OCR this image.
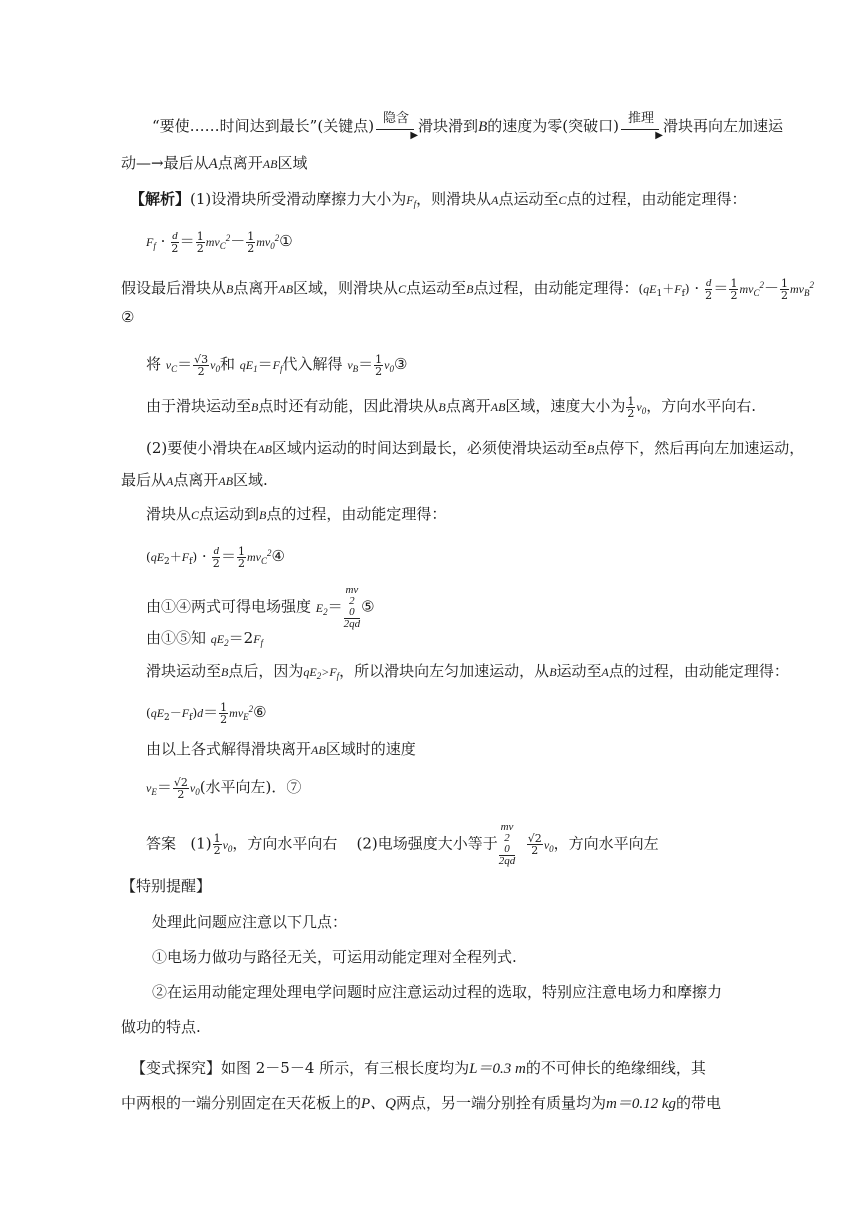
“要使……时间达到最长”(关键点) 隐含
▶
滑块滑到B的速度为零(突破口) 推理
▶
滑块再向左加速运
动—→最后从A点离开AB区域
【解析】(1)设滑块所受滑动摩擦力大小为$F_f$，则滑块从A点运动至C点的过程，由动能定理得：
$F_f \cdot \frac{d}{2} = \frac{1}{2} mv_C^2- \frac{1}{2}$ $mv_0^2①$
假设最后滑块从B点离开AB区域，则滑块从C点运动至B点过程，由动能定理得：$(qE_1+F_f) \cdot \frac{d}{2} = \frac{1}{2} mv_C^2- \frac{1}{2} mv_B^2$
②
将 $v_C= \frac{√3}{2} v_0$和 $qE_1=F_f$代入解得 $v_B= \frac{1}{2}$ $v_0③$
由于滑块运动至B点时还有动能，因此滑块从B点离开AB区域，速度大小为 $\frac{1}{2} v_0$，方向水平向右.
(2)要使小滑块在AB区域内运动的时间达到最长，必须使滑块运动至B点停下，然后再向左加速运动，
最后从A点离开AB区域.
滑块从C点运动到B点的过程，由动能定理得：
$(qE_2+F_f) \cdot \frac{d}{2} = \frac{1}{2}$ $mv_C^2④$
由①④两式可得电场强度 $E_2=$ mv
2
0
2qd ⑤
由①⑤知 $qE_2=2F_f$
滑块运动至B点后，因为$qE_2>F_f$，所以滑块向左匀加速运动，从B运动至A点的过程，由动能定理得：
$(qE_2-F_f)d= \frac{1}{2}$ $mv_E^2⑥$
由以上各式解得滑块离开AB区域时的速度
$v_E= \frac{√2}{2} v_0$(水平向左)．⑦
答案 $(1) \frac{1}{2} v_0$，方向水平向右 (2)电场强度大小等于 mv
2
0
2qd
$\frac{√2}{2} v_0$，方向水平向左
【特别提醒】
处理此问题应注意以下几点：
①电场力做功与路径无关，可运用动能定理对全程列式.
②在运用动能定理处理电学问题时应注意运动过程的选取，特别应注意电场力和摩擦力
做功的特点.
【变式探究】如图 2－5－4 所示，有三根长度均为L＝0.3 m的不可伸长的绝缘细线，其
中两根的一端分别固定在天花板上的P、Q两点，另一端分别拴有质量均为m＝0.12 kg的带电
